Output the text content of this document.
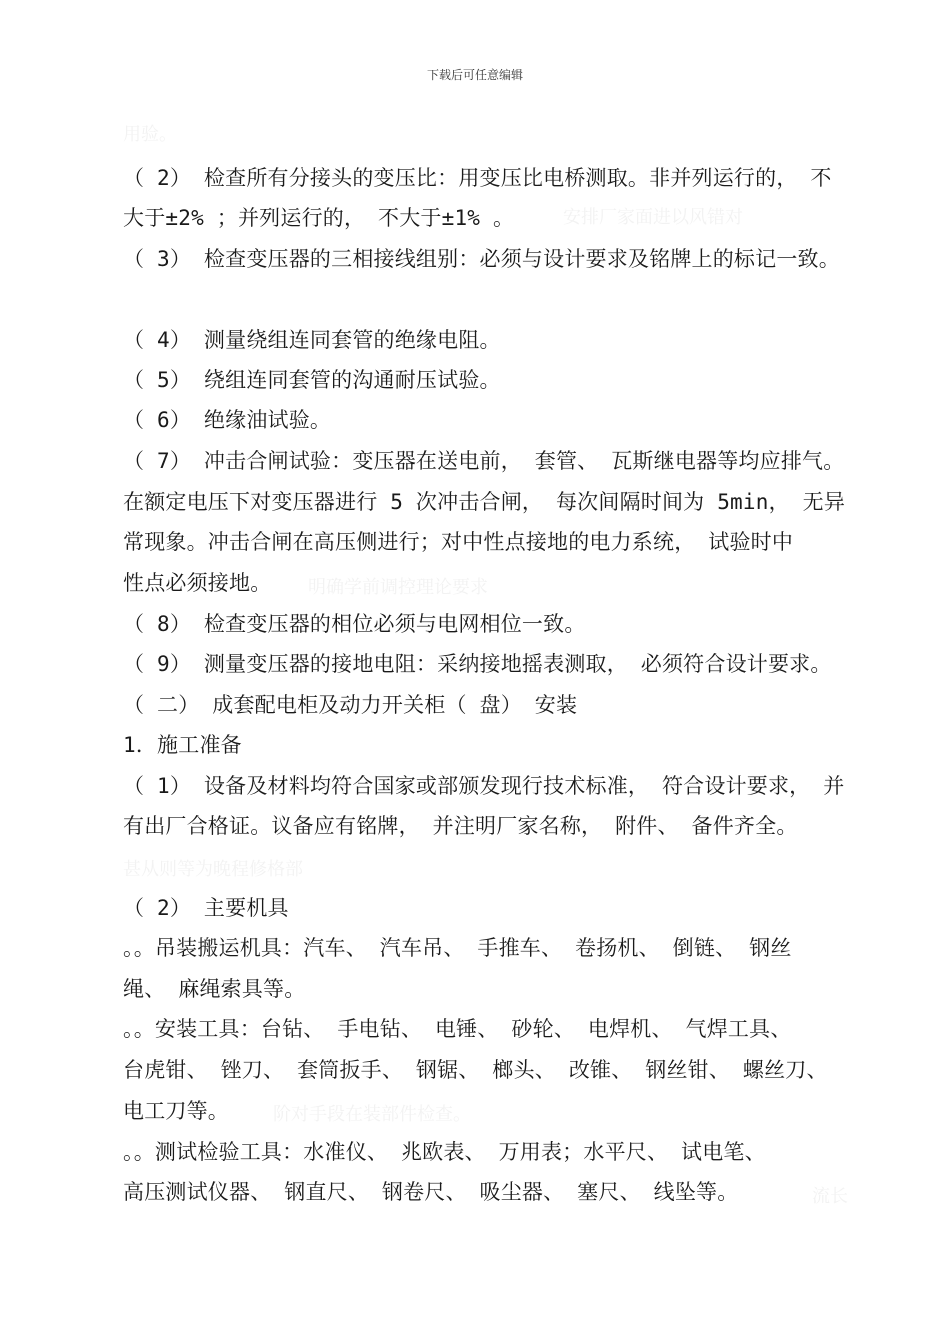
下载后可任意编辑
用验。
安排厂家面进以风错对
明确学前调控理论要求
甚从则等为晚程修格部
阶对手段在装部件检查。
流长
（ 2） 检查所有分接头的变压比：用变压比电桥测取。非并列运行的， 不
大于±2% ；并列运行的， 不大于±1% 。
（ 3） 检查变压器的三相接线组别：必须与设计要求及铭牌上的标记一致。
（ 4） 测量绕组连同套管的绝缘电阻。
（ 5） 绕组连同套管的沟通耐压试验。
（ 6） 绝缘油试验。
（ 7） 冲击合闸试验：变压器在送电前， 套管、 瓦斯继电器等均应排气。
在额定电压下对变压器进行 5 次冲击合闸， 每次间隔时间为 5min， 无异
常现象。冲击合闸在高压侧进行；对中性点接地的电力系统， 试验时中
性点必须接地。
（ 8） 检查变压器的相位必须与电网相位一致。
（ 9） 测量变压器的接地电阻：采纳接地摇表测取， 必须符合设计要求。
（ 二） 成套配电柜及动力开关柜（ 盘） 安装
1．施工准备
（ 1） 设备及材料均符合国家或部颁发现行技术标准， 符合设计要求， 并
有出厂合格证。议备应有铭牌， 并注明厂家名称， 附件、 备件齐全。
（ 2） 主要机具
。。吊装搬运机具：汽车、 汽车吊、 手推车、 卷扬机、 倒链、 钢丝
绳、 麻绳索具等。
。。安装工具：台钻、 手电钻、 电锤、 砂轮、 电焊机、 气焊工具、
台虎钳、 锉刀、 套筒扳手、 钢锯、 榔头、 改锥、 钢丝钳、 螺丝刀、
电工刀等。
。。测试检验工具：水准仪、 兆欧表、 万用表；水平尺、 试电笔、
高压测试仪器、 钢直尺、 钢卷尺、 吸尘器、 塞尺、 线坠等。
